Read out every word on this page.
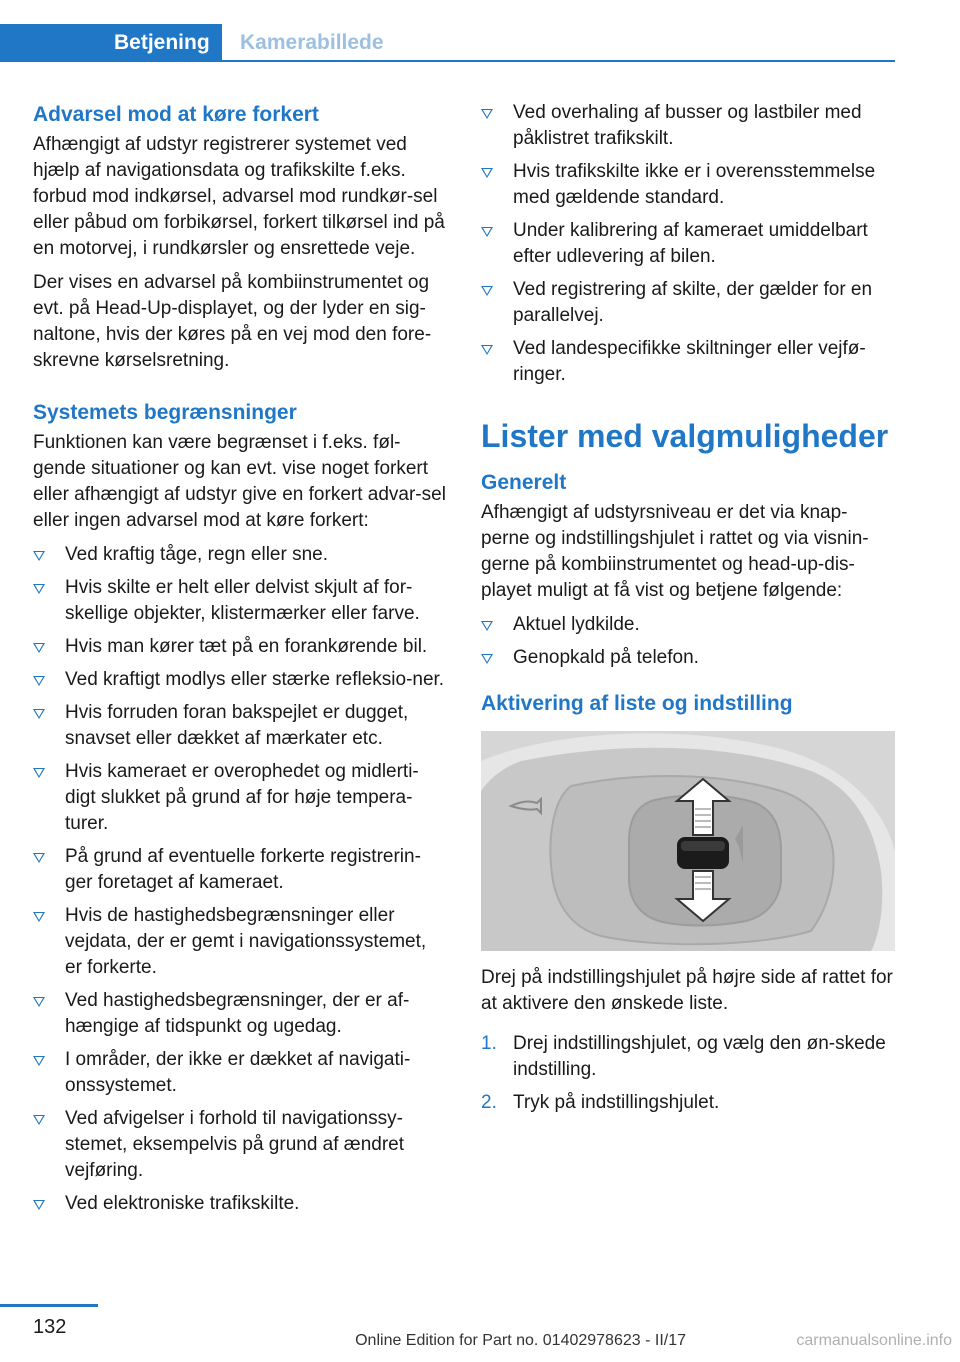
Betjening	Kamerabillede
Advarsel mod at køre forkert

Afhængigt af udstyr registrerer systemet ved hjælp af navigationsdata og trafikskilte f.eks. forbud mod indkørsel, advarsel mod rundkør-sel eller påbud om forbikørsel, forkert tilkørsel ind på en motorvej, i rundkørsler og ensrettede veje.

Der vises en advarsel på kombiinstrumentet og evt. på Head-Up-displayet, og der lyder en sig-naltone, hvis der køres på en vej mod den fore-skrevne kørselsretning.

Systemets begrænsninger

Funktionen kan være begrænset i f.eks. føl-gende situationer og kan evt. vise noget forkert eller afhængigt af udstyr give en forkert advar-sel eller ingen advarsel mod at køre forkert:

Ved kraftig tåge, regn eller sne.
Hvis skilte er helt eller delvist skjult af for-skellige objekter, klistermærker eller farve.
Hvis man kører tæt på en forankørende bil.
Ved kraftigt modlys eller stærke refleksio-ner.
Hvis forruden foran bakspejlet er dugget, snavset eller dækket af mærkater etc.
Hvis kameraet er overophedet og midlerti-digt slukket på grund af for høje tempera-turer.
På grund af eventuelle forkerte registrerin-ger foretaget af kameraet.
Hvis de hastighedsbegrænsninger eller vejdata, der er gemt i navigationssystemet, er forkerte.
Ved hastighedsbegrænsninger, der er af-hængige af tidspunkt og ugedag.
I områder, der ikke er dækket af navigati-onssystemet.
Ved afvigelser i forhold til navigationssy-stemet, eksempelvis på grund af ændret vejføring.
Ved elektroniske trafikskilte.
Ved overhaling af busser og lastbiler med påklistret trafikskilt.
Hvis trafikskilte ikke er i overensstemmelse med gældende standard.
Under kalibrering af kameraet umiddelbart efter udlevering af bilen.
Ved registrering af skilte, der gælder for en parallelvej.
Ved landespecifikke skiltninger eller vejfø-ringer.
Lister med valgmuligheder
Generelt

Afhængigt af udstyrsniveau er det via knap-perne og indstillingshjulet i rattet og via visnin-gerne på kombiinstrumentet og head-up-dis-playet muligt at få vist og betjene følgende:

Aktuel lydkilde.
Genopkald på telefon.
Aktivering af liste og indstilling

Drej på indstillingshjulet på højre side af rattet for at aktivere den ønskede liste.

1. Drej indstillingshjulet, og vælg den øn-skede indstilling.
2. Tryk på indstillingshjulet.
132
Online Edition for Part no. 01402978623 - II/17	carmanualsonline.info
